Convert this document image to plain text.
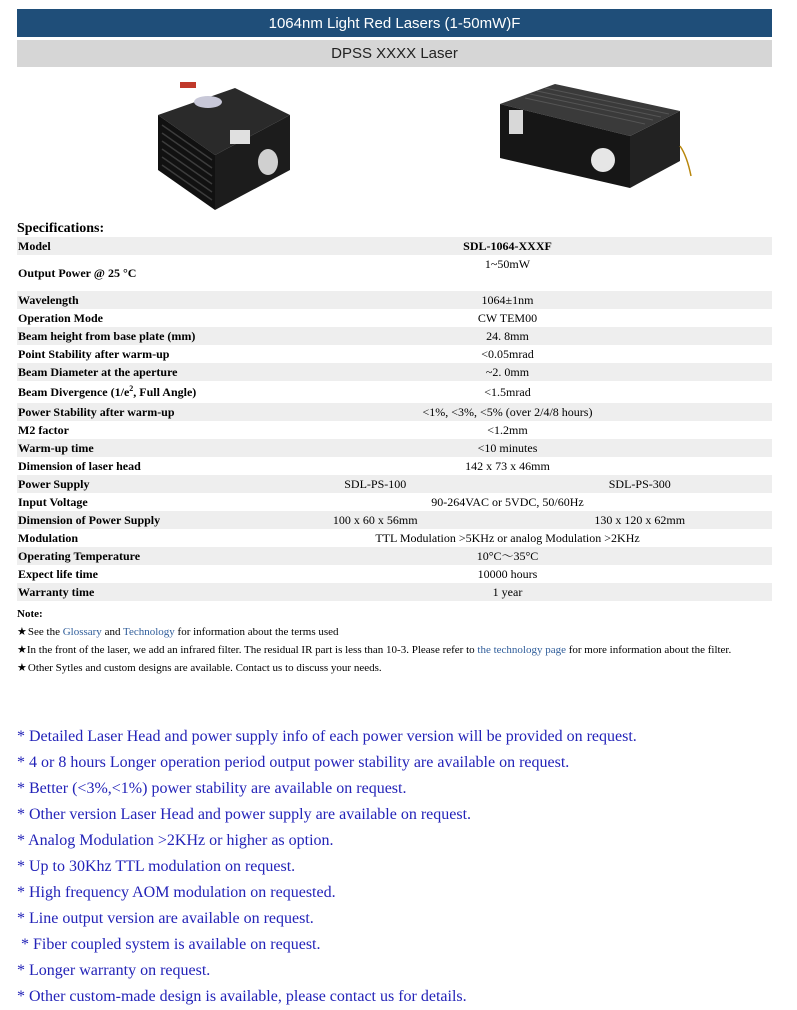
1064nm Light Red Lasers (1-50mW)F
DPSS XXXX Laser
Specifications:
Model	SDL-1064-XXXF	
Output Power @ 25 °C	1~50mW	
Wavelength	1064±1nm	
Operation Mode	CW TEM00	
Beam height from base plate (mm)	24. 8mm	
Point Stability after warm-up	<0.05mrad	
Beam Diameter at the aperture	~2. 0mm	
Beam Divergence ($1/e^2$, Full Angle)	<1.5mrad	
Power Stability after warm-up	<1%, <3%, <5% (over 2/4/8 hours)	
M2 factor	<1.2mm	
Warm-up time	<10 minutes	
Dimension of laser head	142 x 73 x 46mm	
Power Supply	SDL-PS-100	SDL-PS-300
Input Voltage	90-264VAC or 5VDC, 50/60Hz	
Dimension of Power Supply	100 x 60 x 56mm	130 x 120 x 62mm
Modulation	TTL Modulation >5KHz or analog Modulation >2KHz	
Operating Temperature	10°C～35°C	
Expect life time	10000 hours	
Warranty time	1 year	
Note:
★ See the Glossary and Technology for information about the terms used
★ In the front of the laser, we add an infrared filter. The residual IR part is less than 10-3. Please refer to the technology page for more information about the filter.
★ Other Sytles and custom designs are available. Contact us to discuss your needs.
* Detailed Laser Head and power supply info of each power version will be provided on request.
* 4 or 8 hours Longer operation period output power stability are available on request.
* Better (<3%,<1%) power stability are available on request.
* Other version Laser Head and power supply are available on request.
* Analog Modulation >2KHz or higher as option.
* Up to 30Khz TTL modulation on request.
* High frequency AOM modulation on requested.
* Line output version are available on request.
* Fiber coupled system is available on request.
* Longer warranty on request.
* Other custom-made design is available, please contact us for details.
